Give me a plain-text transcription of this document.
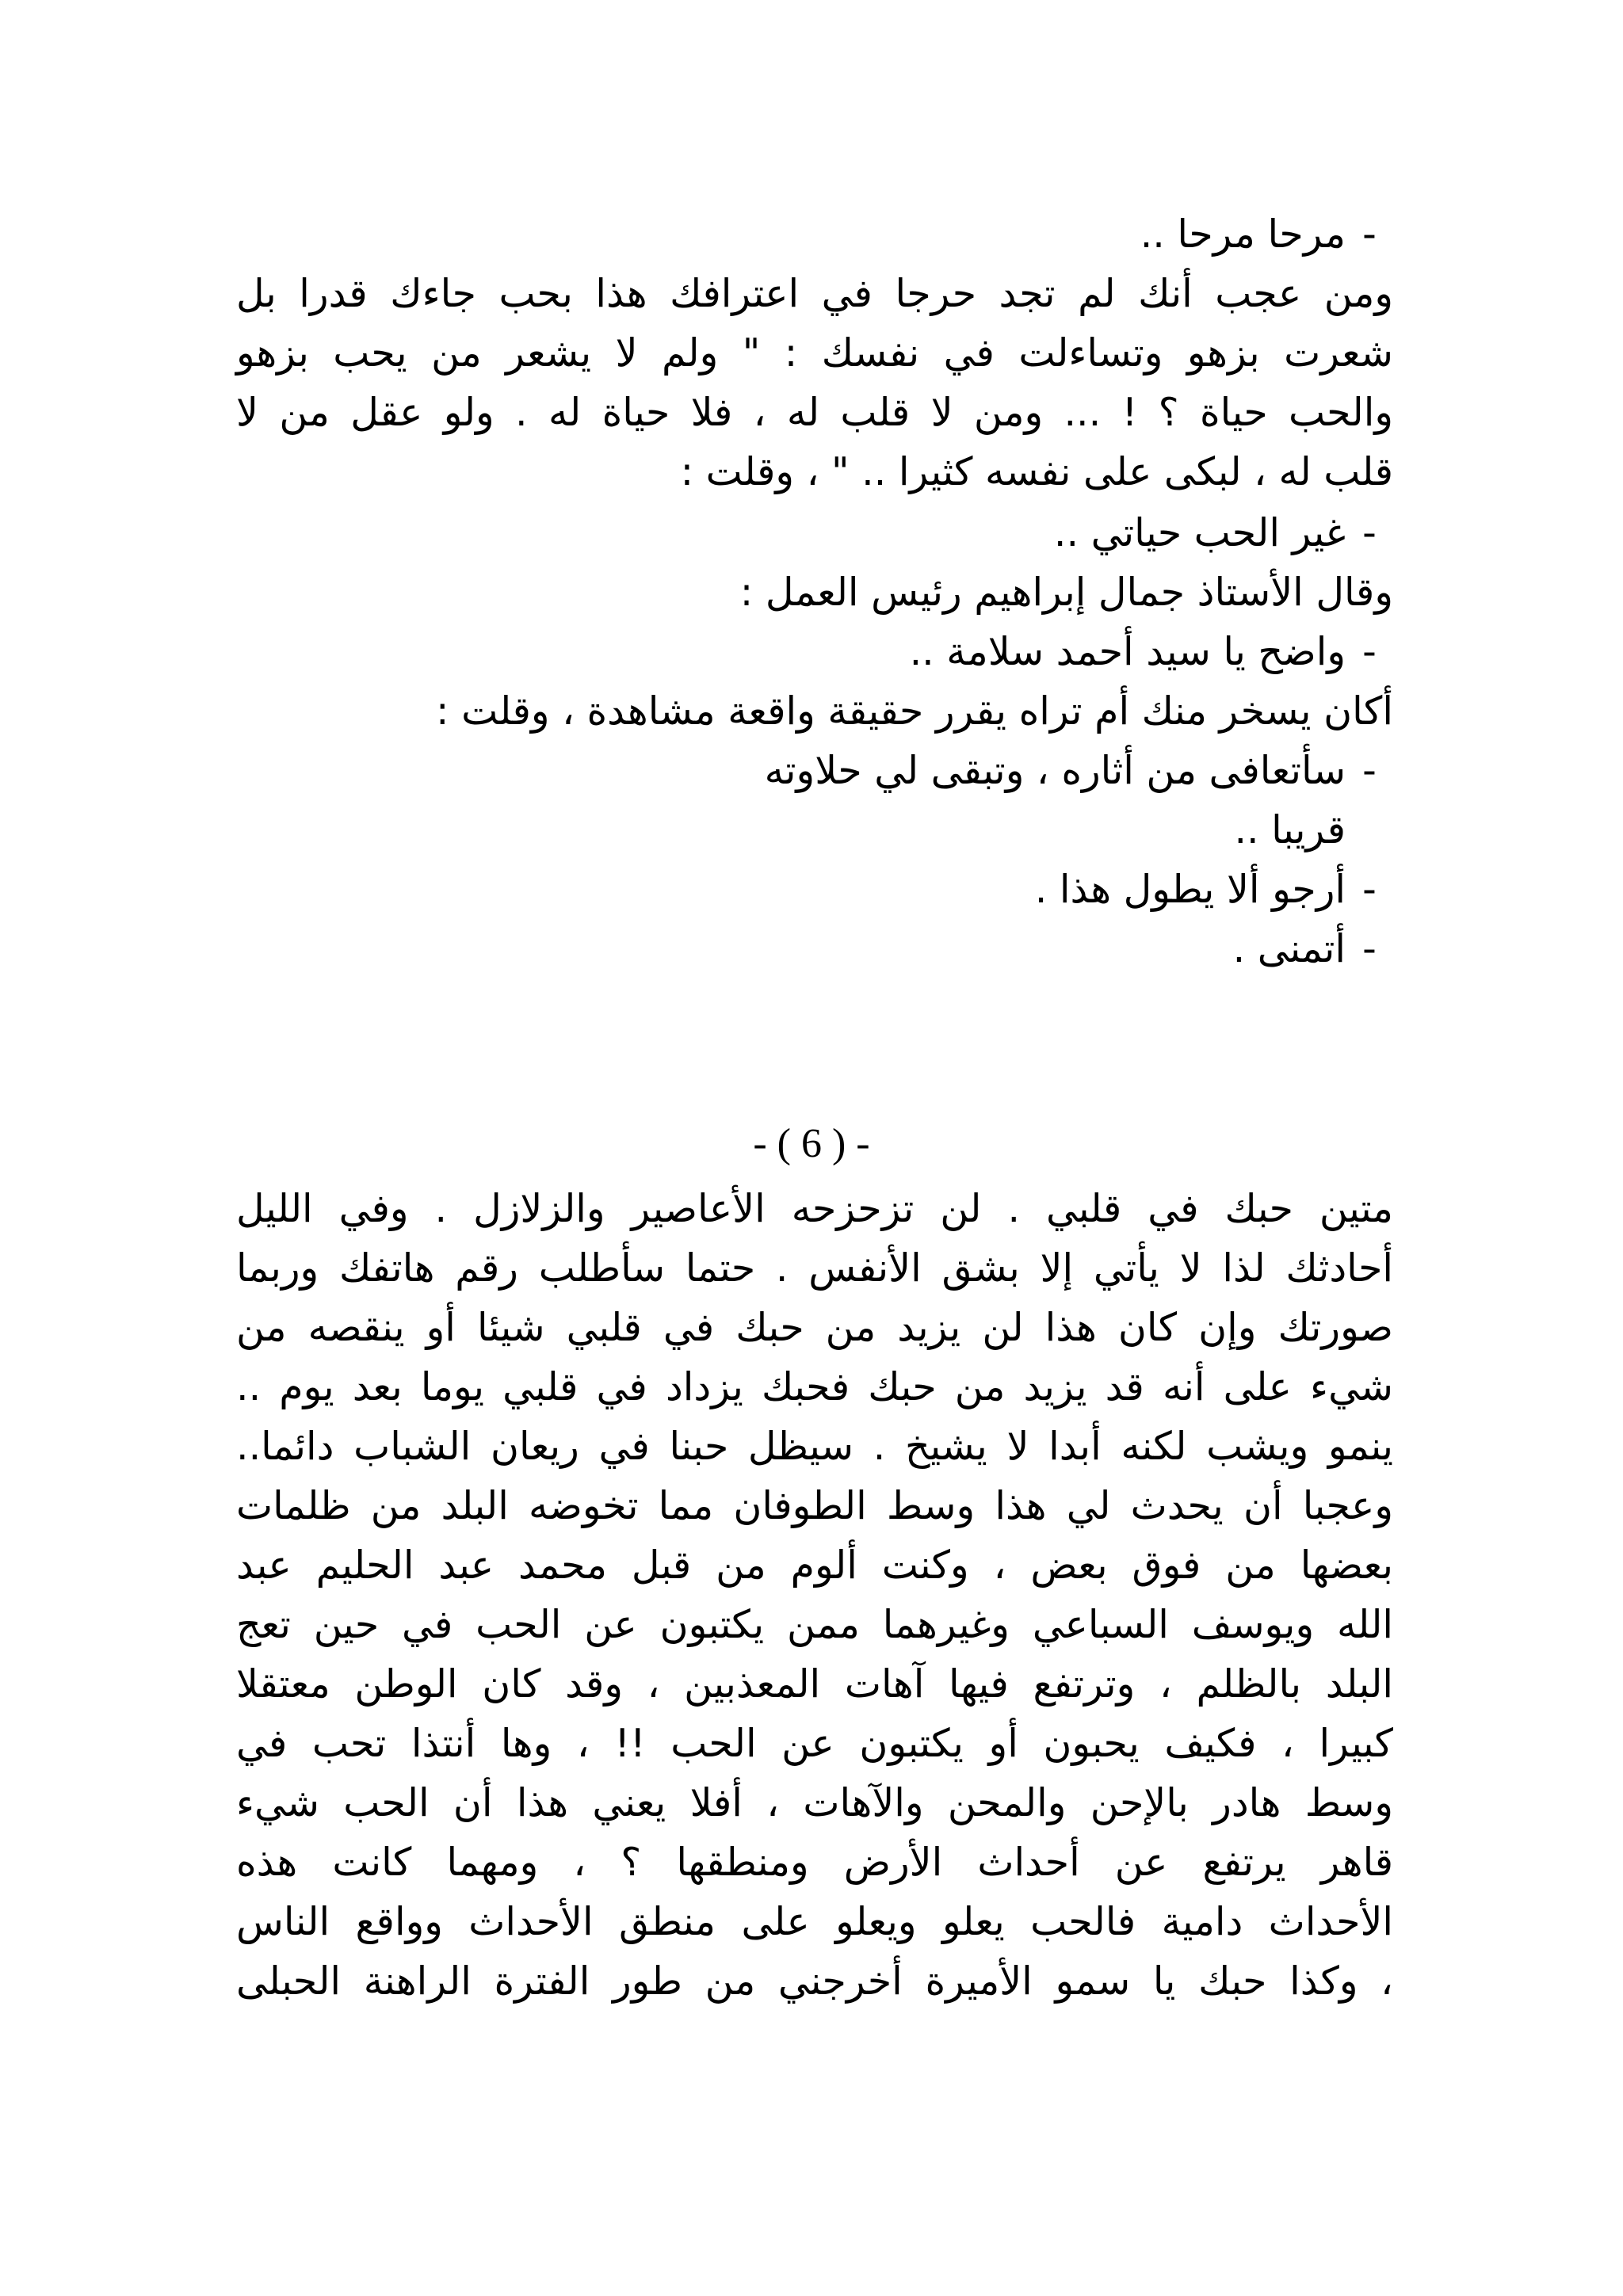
-مرحا مرحا ..
ومن عجب أنك لم تجد حرجا في اعترافك هذا بحب جاءك قدرا بل
شعرت بزهو وتساءلت في نفسك : " ولم لا يشعر من يحب بزهو
والحب حياة ؟ ! ... ومن لا قلب له ، فلا حياة له . ولو عقل من لا
قلب له ، لبكى على نفسه كثيرا .. " ، وقلت :
-غير الحب حياتي ..
وقال الأستاذ جمال إبراهيم رئيس العمل :
-واضح يا سيد أحمد سلامة ..
أكان يسخر منك أم تراه يقرر حقيقة واقعة مشاهدة ، وقلت :
-سأتعافى من أثاره ، وتبقى لي حلاوته
قريبا ..
-أرجو ألا يطول هذا .
-أتمنى .
- ( 6 ) -
متين حبك في قلبي . لن تزحزحه الأعاصير والزلازل . وفي الليل
أحادثك لذا لا يأتي إلا بشق الأنفس . حتما سأطلب رقم هاتفك وربما
صورتك وإن كان هذا لن يزيد من حبك في قلبي شيئا أو ينقصه من
شيء على أنه قد يزيد من حبك فحبك يزداد في قلبي يوما بعد يوم ..
ينمو ويشب لكنه أبدا لا يشيخ . سيظل حبنا في ريعان الشباب دائما..
وعجبا أن يحدث لي هذا وسط الطوفان مما تخوضه البلد من ظلمات
بعضها من فوق بعض ، وكنت ألوم من قبل محمد عبد الحليم عبد
الله ويوسف السباعي وغيرهما ممن يكتبون عن الحب في حين تعج
البلد بالظلم ، وترتفع فيها آهات المعذبين ، وقد كان الوطن معتقلا
كبيرا ، فكيف يحبون أو يكتبون عن الحب !! ، وها أنتذا تحب في
وسط هادر بالإحن والمحن والآهات ، أفلا يعني هذا أن الحب شيء
قاهر يرتفع عن أحداث الأرض ومنطقها ؟ ، ومهما كانت هذه
الأحداث دامية فالحب يعلو ويعلو على منطق الأحداث وواقع الناس
، وكذا حبك يا سمو الأميرة أخرجني من طور الفترة الراهنة الحبلى
